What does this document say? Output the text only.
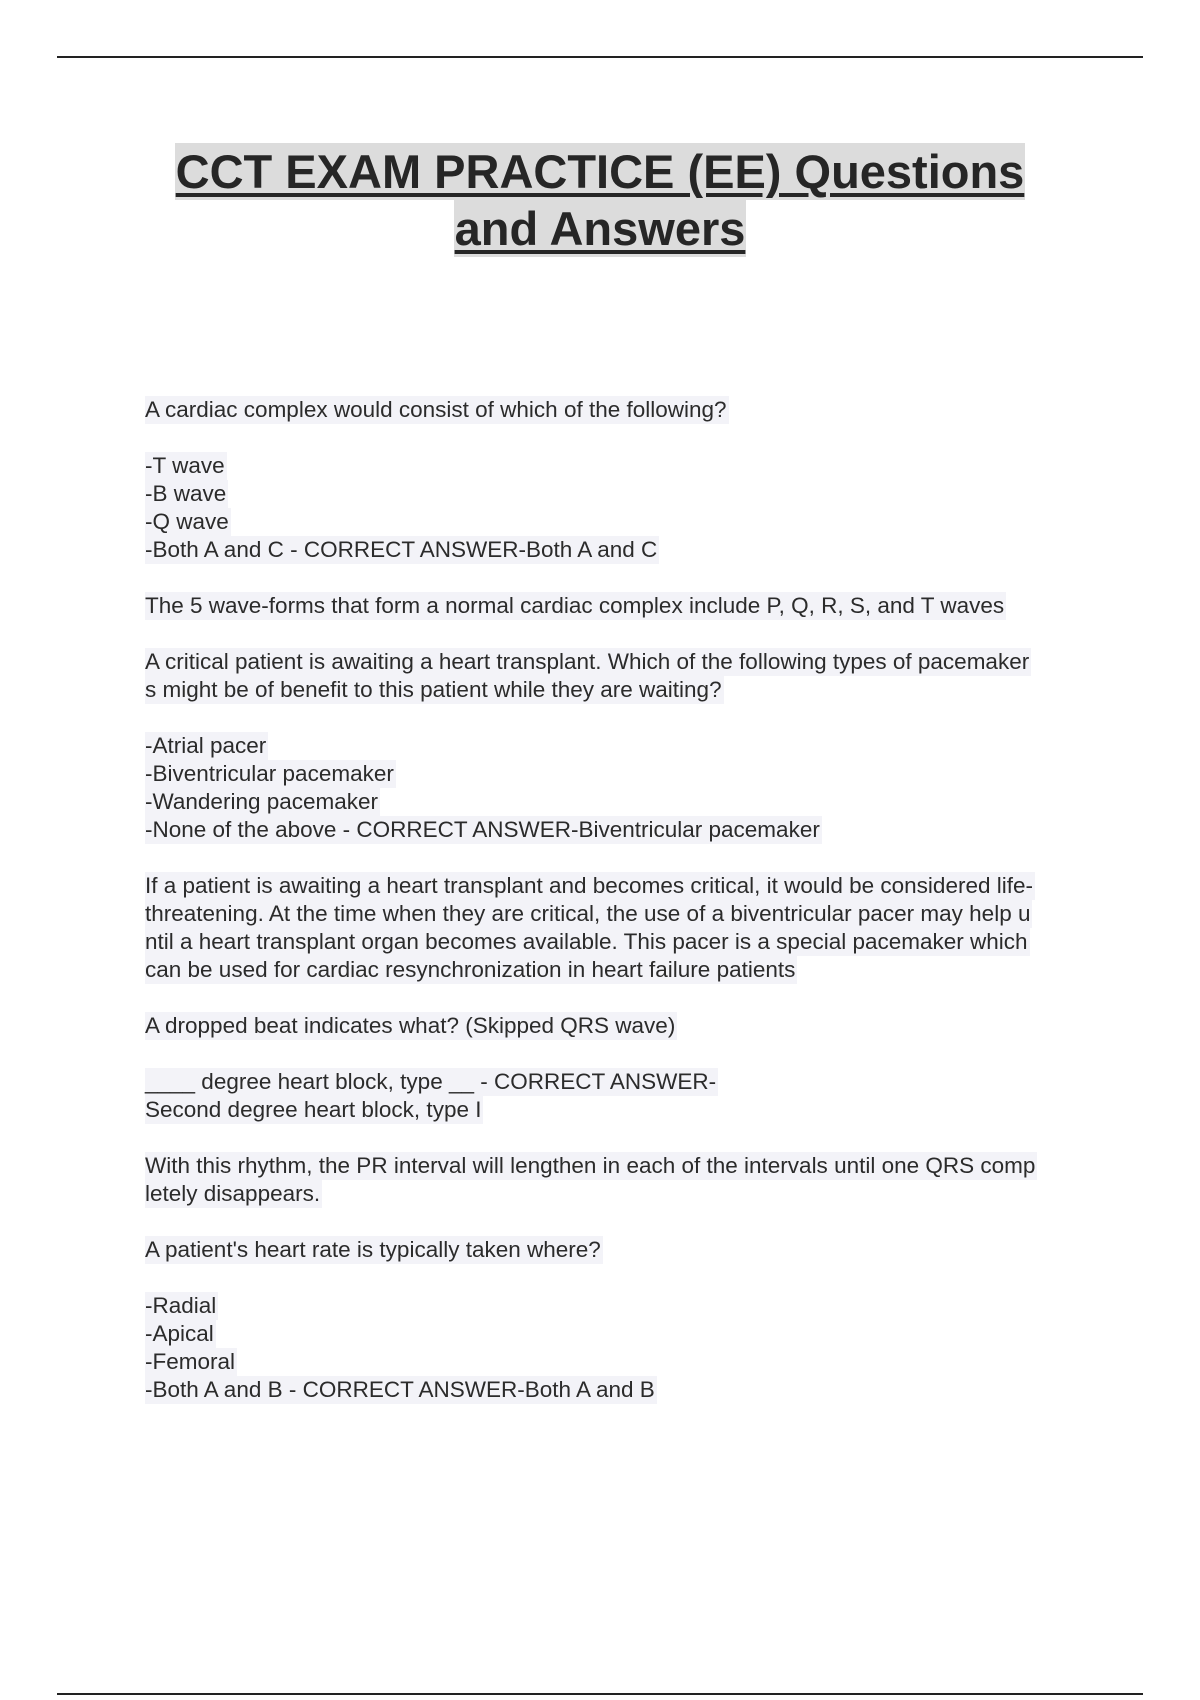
CCT EXAM PRACTICE (EE) Questions
and Answers
A cardiac complex would consist of which of the following?
-T wave
-B wave
-Q wave
-Both A and C - CORRECT ANSWER-Both A and C
The 5 wave-forms that form a normal cardiac complex include P, Q, R, S, and T waves
A critical patient is awaiting a heart transplant. Which of the following types of pacemaker
s might be of benefit to this patient while they are waiting?
-Atrial pacer
-Biventricular pacemaker
-Wandering pacemaker
-None of the above - CORRECT ANSWER-Biventricular pacemaker
If a patient is awaiting a heart transplant and becomes critical, it would be considered life-
threatening. At the time when they are critical, the use of a biventricular pacer may help u
ntil a heart transplant organ becomes available. This pacer is a special pacemaker which
can be used for cardiac resynchronization in heart failure patients
A dropped beat indicates what? (Skipped QRS wave)
____ degree heart block, type __ - CORRECT ANSWER-
Second degree heart block, type I
With this rhythm, the PR interval will lengthen in each of the intervals until one QRS comp
letely disappears.
A patient's heart rate is typically taken where?
-Radial
-Apical
-Femoral
-Both A and B - CORRECT ANSWER-Both A and B
